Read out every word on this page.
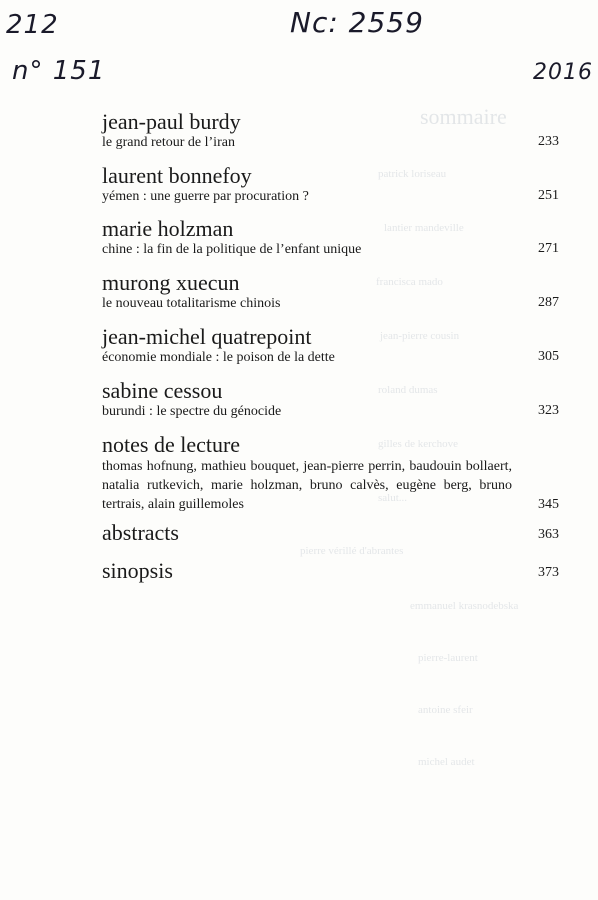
212
n° 151
Nc: 2559
2016
sommaire
patrick loriseau
lantier mandeville
francisca mado
jean-pierre cousin
roland dumas
gilles de kerchove
salut...
pierre vérillé d'abrantes
emmanuel krasnodebska
pierre-laurent
antoine sfeir
michel audet
jean-paul burdy
le grand retour de l’iran	233
laurent bonnefoy
yémen : une guerre par procuration ?	251
marie holzman
chine : la fin de la politique de l’enfant unique	271
murong xuecun
le nouveau totalitarisme chinois	287
jean-michel quatrepoint
économie mondiale : le poison de la dette	305
sabine cessou
burundi : le spectre du génocide	323
notes de lecture
thomas hofnung, mathieu bouquet, jean-pierre perrin, baudouin bollaert, natalia rutkevich, marie holzman, bruno calvès, eugène berg, bruno tertrais, alain guillemoles	345
abstracts	363
sinopsis	373
